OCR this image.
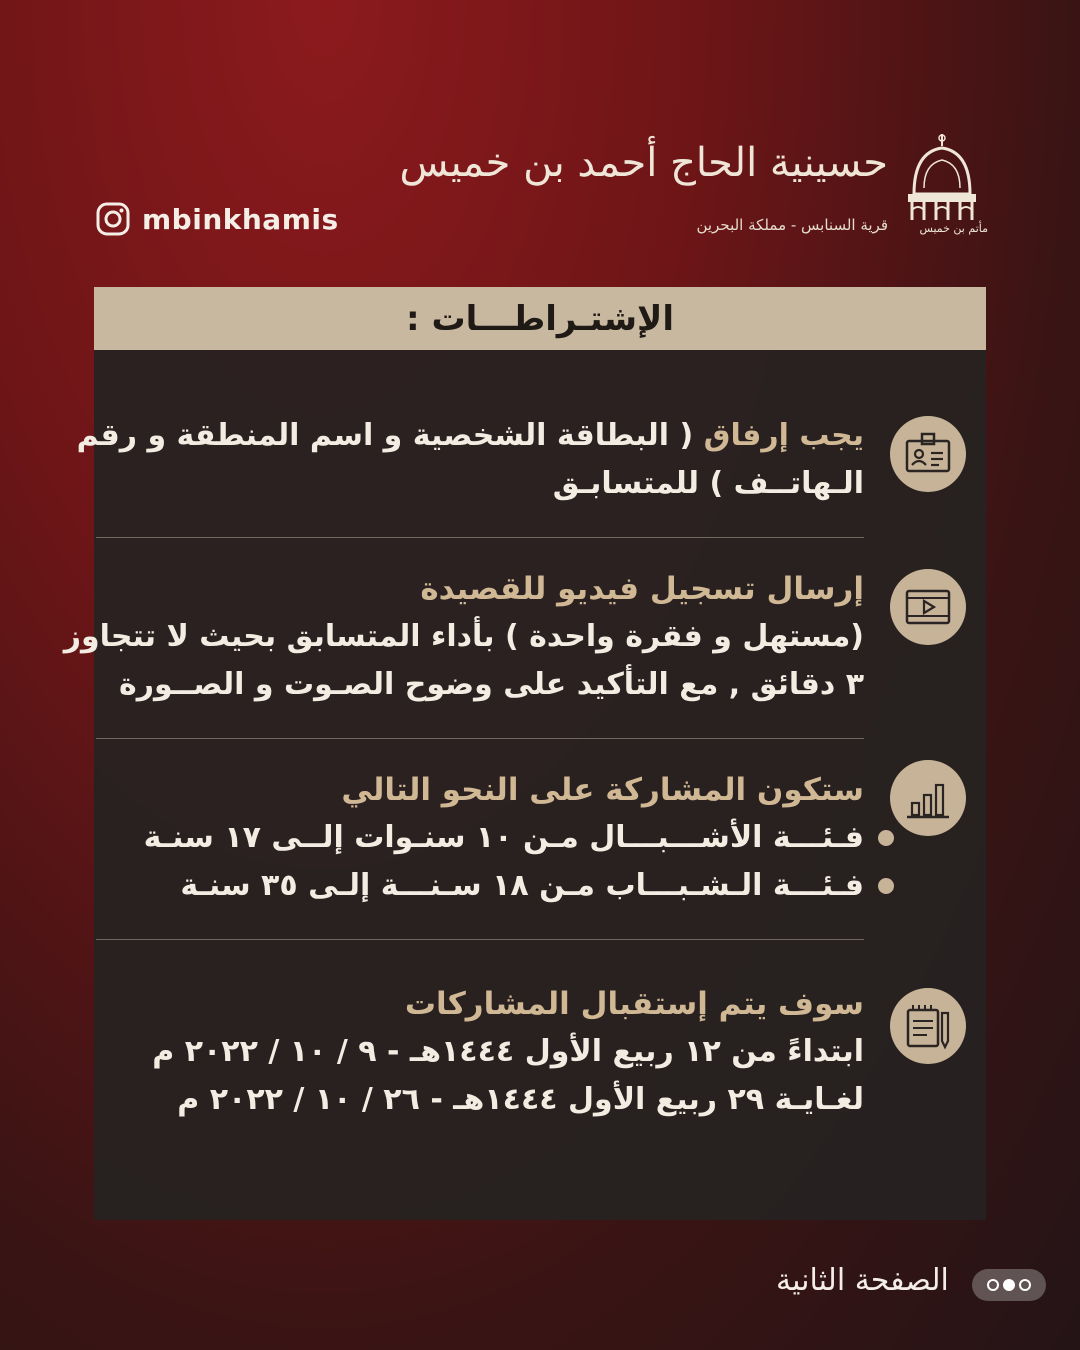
mbinkhamis
حسينية الحاج أحمد بن خميس
قرية السنابس - مملكة البحرين	مأتم بن خميس
الإشتـراطـــات :
يجب إرفاق ( البطاقة الشخصية و اسم المنطقة و رقم
الـهاتــف ) للمتسابـق
إرسال تسجيل فيديو للقصيدة
(مستهل و فقرة واحدة ) بأداء المتسابق بحيث لا تتجاوز
٣ دقائق , مع التأكيد على وضوح الصـوت و الصــورة
ستكون المشاركة على النحو التالي
فـئـــة الأشـــبـــال مـن ١٠ سنـوات إلــى ١٧ سنـة
فـئـــة الـشـبـــاب مـن ١٨ سـنـــة إلـى ٣٥ سنـة
سوف يتم إستقبال المشاركات
ابتداءً من ١٢ ربيع الأول ١٤٤٤هـ - ٩ / ١٠ / ٢٠٢٢ م
لغـايـة ٢٩ ربيع الأول ١٤٤٤هـ - ٢٦ / ١٠ / ٢٠٢٢ م
الصفحة الثانية
